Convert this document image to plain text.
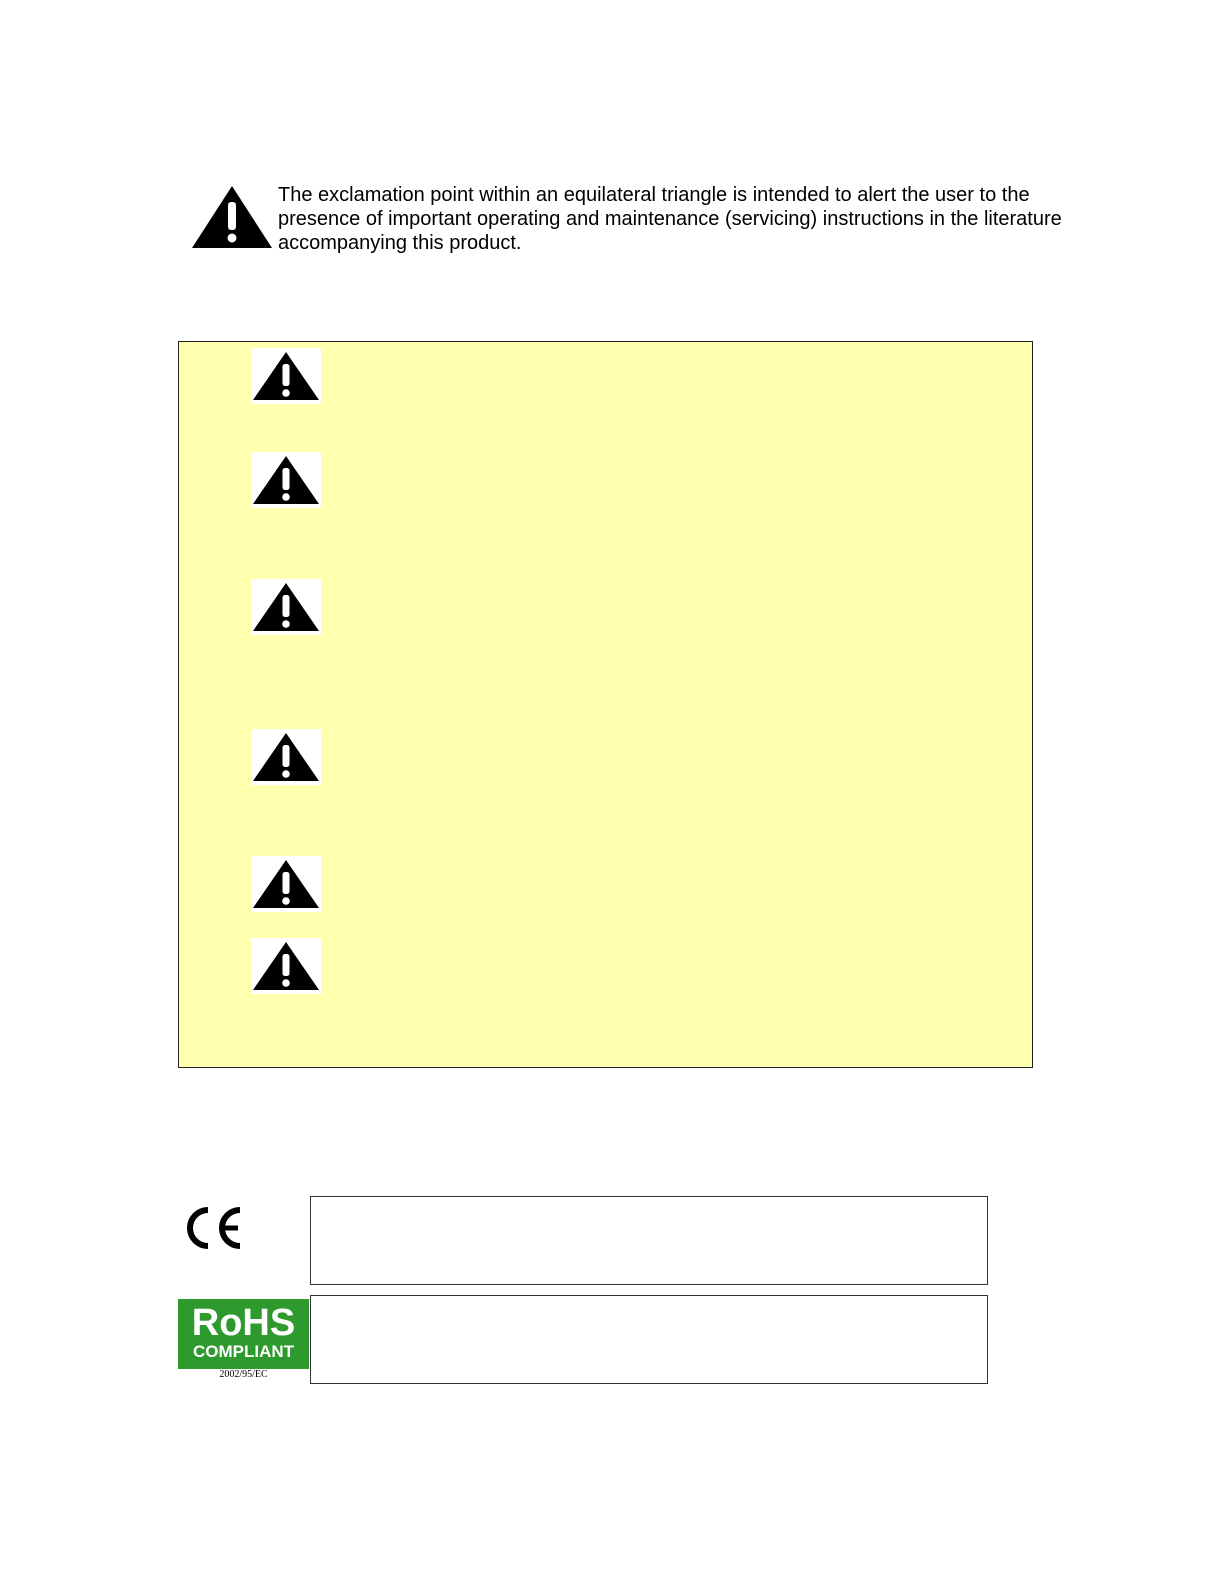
The exclamation point within an equilateral triangle is intended to alert the user to the presence of important operating and maintenance (servicing) instructions in the literature accompanying this product.

RoHS
COMPLIANT
2002/95/EC
